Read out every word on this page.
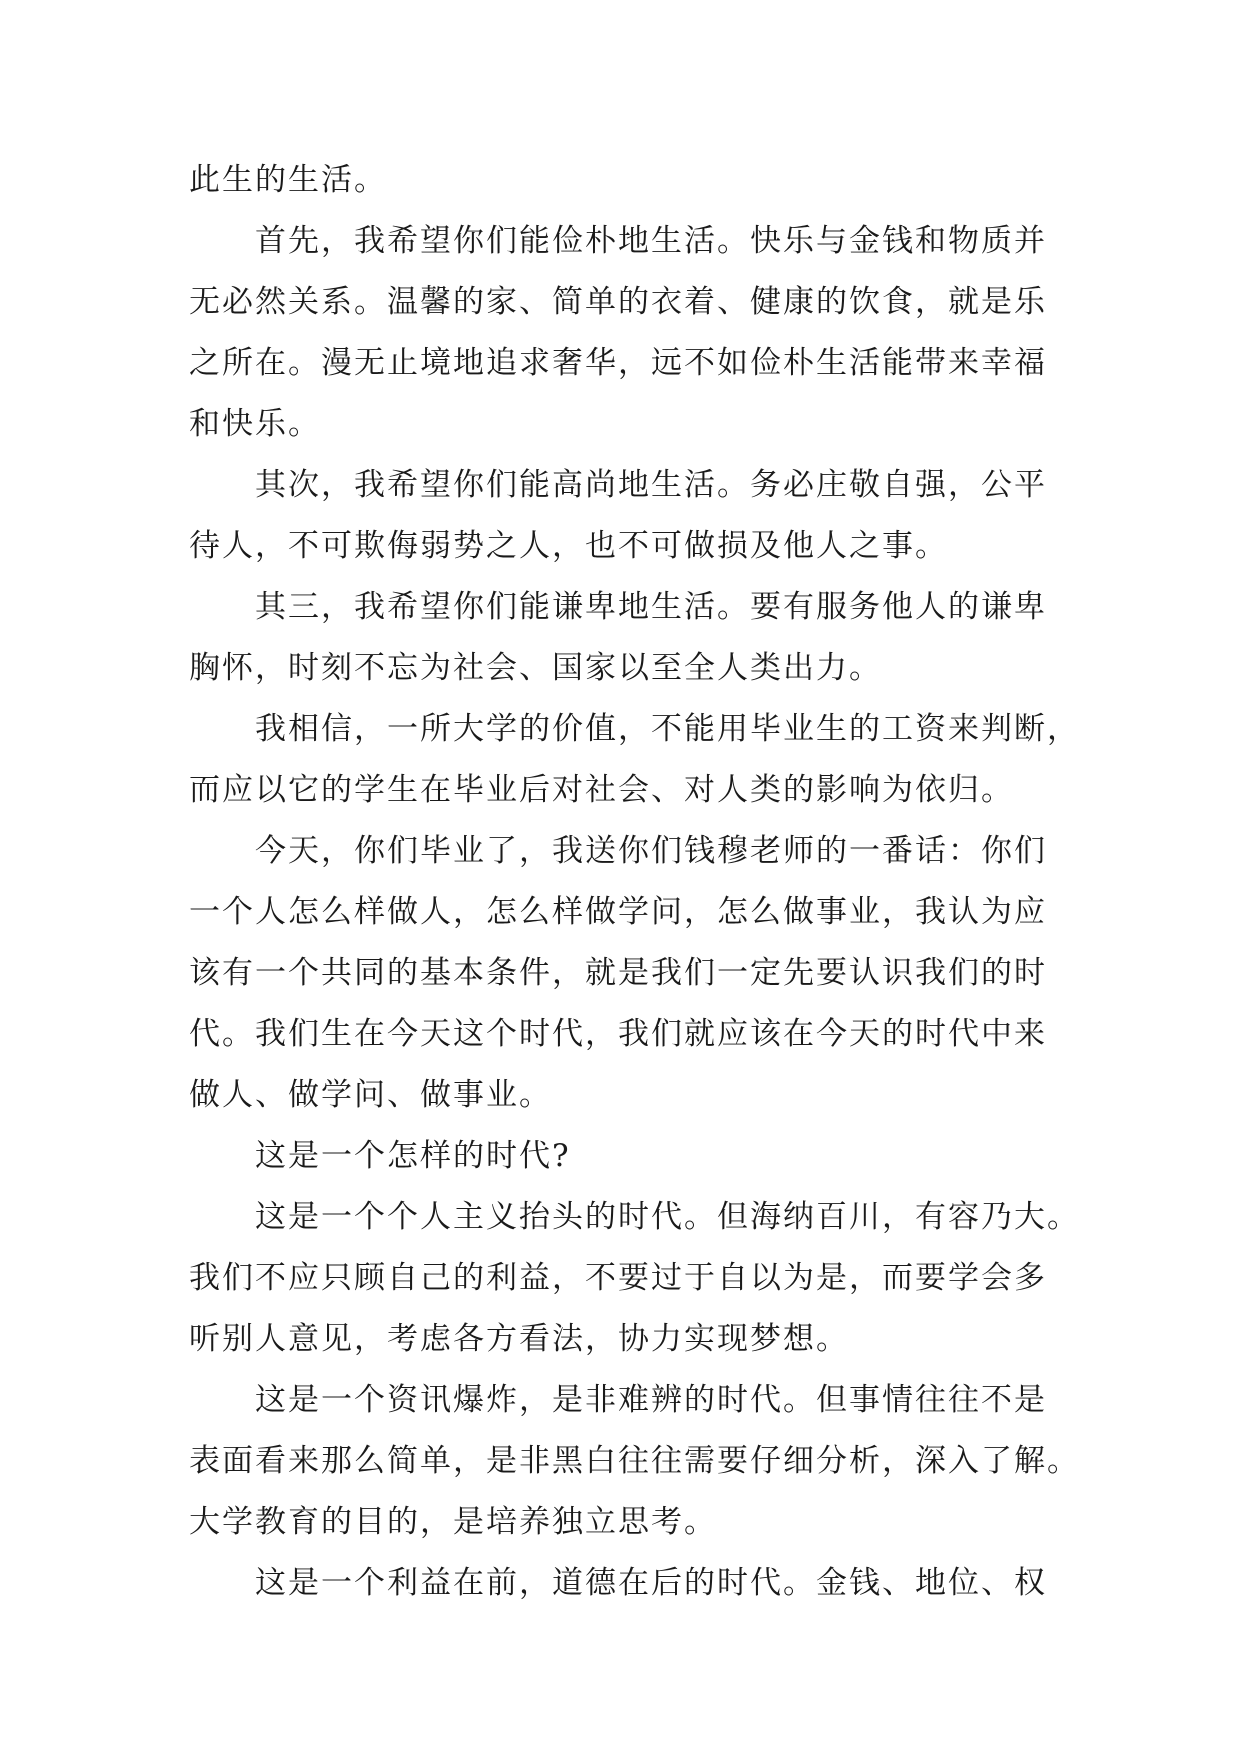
此生的生活。
首先，我希望你们能俭朴地生活。快乐与金钱和物质并
无必然关系。温馨的家、简单的衣着、健康的饮食，就是乐
之所在。漫无止境地追求奢华，远不如俭朴生活能带来幸福
和快乐。
其次，我希望你们能高尚地生活。务必庄敬自强，公平
待人，不可欺侮弱势之人，也不可做损及他人之事。
其三，我希望你们能谦卑地生活。要有服务他人的谦卑
胸怀，时刻不忘为社会、国家以至全人类出力。
我相信，一所大学的价值，不能用毕业生的工资来判断，
而应以它的学生在毕业后对社会、对人类的影响为依归。
今天，你们毕业了，我送你们钱穆老师的一番话：你们
一个人怎么样做人，怎么样做学问，怎么做事业，我认为应
该有一个共同的基本条件，就是我们一定先要认识我们的时
代。我们生在今天这个时代，我们就应该在今天的时代中来
做人、做学问、做事业。
这是一个怎样的时代?
这是一个个人主义抬头的时代。但海纳百川，有容乃大。
我们不应只顾自己的利益，不要过于自以为是，而要学会多
听别人意见，考虑各方看法，协力实现梦想。
这是一个资讯爆炸，是非难辨的时代。但事情往往不是
表面看来那么简单，是非黑白往往需要仔细分析，深入了解。
大学教育的目的，是培养独立思考。
这是一个利益在前，道德在后的时代。金钱、地位、权
